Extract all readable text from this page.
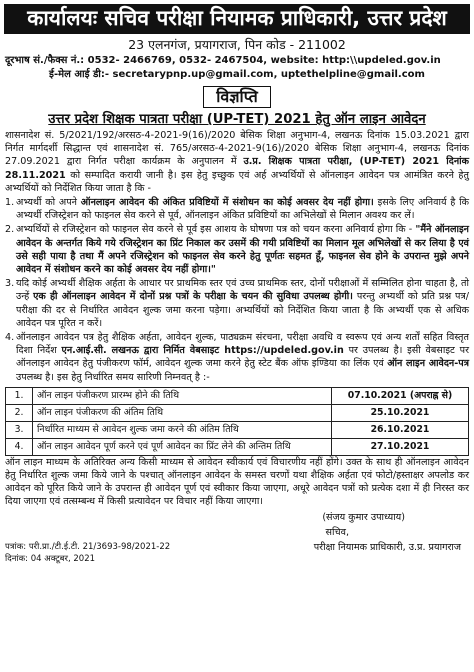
कार्यालयः सचिव परीक्षा नियामक प्राधिकारी, उत्तर प्रदेश
23 एलनगंज, प्रयागराज, पिन कोड - 211002
दूरभाष सं./फैक्स नं.: 0532- 2466769, 0532- 2467504, website: http:\\updeled.gov.in
ई-मेल आई डी:- secretarypnp.up@gmail.com, uptethelpline@gmail.com
विज्ञप्ति
उत्तर प्रदेश शिक्षक पात्रता परीक्षा (UP-TET) 2021 हेतु ऑन लाइन आवेदन

शासनादेश सं. 5/2021/192/अरसठ-4-2021-9(16)/2020 बेसिक शिक्षा अनुभाग-4, लखनऊ दिनांक 15.03.2021 द्वारा निर्गत मार्गदर्शी सिद्धान्त एवं शासनादेश सं. 765/अरसठ-4-2021-9(16)/2020 बेसिक शिक्षा अनुभाग-4, लखनऊ दिनांक 27.09.2021 द्वारा निर्गत परीक्षा कार्यक्रम के अनुपालन में उ.प्र. शिक्षक पात्रता परीक्षा, (UP-TET) 2021 दिनांक 28.11.2021 को सम्पादित करायी जानी है। इस हेतु इच्छुक एवं अर्ह अभ्यर्थियों से ऑनलाइन आवेदन पत्र आमंत्रित करने हेतु अभ्यर्थियों को निर्देशित किया जाता है कि -

1. अभ्यर्थी को अपने ऑनलाइन आवेदन की अंकित प्रविष्टियों में संशोधन का कोई अवसर देय नहीं होगा। इसके लिए अनिवार्य है कि अभ्यर्थी रजिस्ट्रेशन को फाइनल सेव करने से पूर्व, ऑनलाइन अंकित प्रविष्टियों का अभिलेखों से मिलान अवश्य कर लें।
2. अभ्यर्थियों से रजिस्ट्रेशन को फाइनल सेव करने से पूर्व इस आशय के घोषणा पत्र को चयन करना अनिवार्य होगा कि - "मैंने ऑनलाइन आवेदन के अन्तर्गत किये गये रजिस्ट्रेशन का प्रिंट निकाल कर उसमें की गयी प्रविष्टियों का मिलान मूल अभिलेखों से कर लिया है एवं उसे सही पाया है तथा मैं अपने रजिस्ट्रेशन को फाइनल सेव करने हेतु पूर्णतः सहमत हूँ, फाइनल सेव होने के उपरान्त मुझे अपने आवेदन में संशोधन करने का कोई अवसर देय नहीं होगा।"
3. यदि कोई अभ्यर्थी शैक्षिक अर्हता के आधार पर प्राथमिक स्तर एवं उच्च प्राथमिक स्तर, दोनों परीक्षाओं में सम्मिलित होना चाहता है, तो उन्हें एक ही ऑनलाइन आवेदन में दोनों प्रश्न पत्रों के परीक्षा के चयन की सुविधा उपलब्ध होगी। परन्तु अभ्यर्थी को प्रति प्रश्न पत्र/परीक्षा की दर से निर्धारित आवेदन शुल्क जमा करना पड़ेगा। अभ्यर्थियों को निर्देशित किया जाता है कि अभ्यर्थी एक से अधिक आवेदन पत्र पूरित न करें।
4. ऑनलाइन आवेदन पत्र हेतु शैक्षिक अर्हता, आवेदन शुल्क, पाठ्यक्रम संरचना, परीक्षा अवधि व स्वरूप एवं अन्य शर्तों सहित विस्तृत दिशा निर्देश एन.आई.सी. लखनऊ द्वारा निर्मित वेबसाइट https://updeled.gov.in पर उपलब्ध है। इसी वेबसाइट पर ऑनलाइन आवेदन हेतु पंजीकरण फॉर्म, आवेदन शुल्क जमा करने हेतु स्टेट बैंक ऑफ इण्डिया का लिंक एवं ऑन लाइन आवेदन-पत्र उपलब्ध है। इस हेतु निर्धारित समय सारिणी निम्नवत् है :-
1.	ऑन लाइन पंजीकरण प्रारम्भ होने की तिथि	07.10.2021 (अपराह्न से)
2.	ऑन लाइन पंजीकरण की अंतिम तिथि	25.10.2021
3.	निर्धारित माध्यम से आवेदन शुल्क जमा करने की अंतिम तिथि	26.10.2021
4.	ऑन लाइन आवेदन पूर्ण करने एवं पूर्ण आवेदन का प्रिंट लेने की अन्तिम तिथि	27.10.2021

ऑन लाइन माध्यम के अतिरिक्त अन्य किसी माध्यम से आवेदन स्वीकार्य एवं विचारणीय नहीं होंगे। उक्त के साथ ही ऑनलाइन आवेदन हेतु निर्धारित शुल्क जमा किये जाने के पश्चात् ऑनलाइन आवेदन के समस्त चरणों यथा शैक्षिक अर्हता एवं फोटो/हस्ताक्षर अपलोड कर आवेदन को पूरित किये जाने के उपरान्त ही आवेदन पूर्ण एवं स्वीकार किया जाएगा, अधूरे आवेदन पत्रों को प्रत्येक दशा में ही निरस्त कर दिया जाएगा एवं तत्सम्बन्ध में किसी प्रत्यावेदन पर विचार नहीं किया जाएगा।

(संजय कुमार उपाध्याय)
सचिव,
परीक्षा नियामक प्राधिकारी, उ.प्र. प्रयागराज
पत्रांक: परी.प्रा./टी.ई.टी. 21/3693-98/2021-22
दिनांक: 04 अक्टूबर, 2021
